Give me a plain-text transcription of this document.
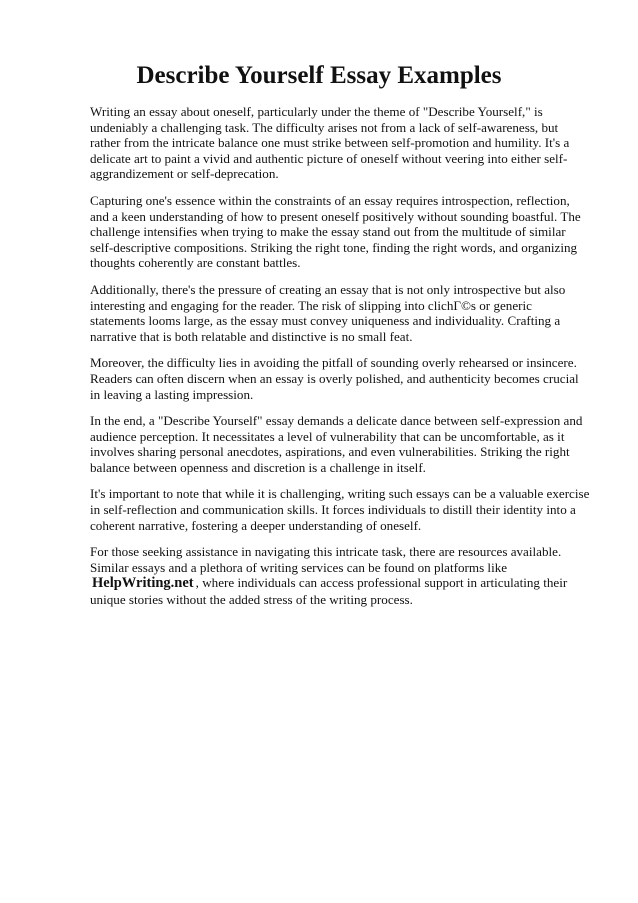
Describe Yourself Essay Examples

Writing an essay about oneself, particularly under the theme of "Describe Yourself," is undeniably a challenging task. The difficulty arises not from a lack of self-awareness, but rather from the intricate balance one must strike between self-promotion and humility. It's a delicate art to paint a vivid and authentic picture of oneself without veering into either self-aggrandizement or self-deprecation.

Capturing one's essence within the constraints of an essay requires introspection, reflection, and a keen understanding of how to present oneself positively without sounding boastful. The challenge intensifies when trying to make the essay stand out from the multitude of similar self-descriptive compositions. Striking the right tone, finding the right words, and organizing thoughts coherently are constant battles.

Additionally, there's the pressure of creating an essay that is not only introspective but also interesting and engaging for the reader. The risk of slipping into clichГ©s or generic statements looms large, as the essay must convey uniqueness and individuality. Crafting a narrative that is both relatable and distinctive is no small feat.

Moreover, the difficulty lies in avoiding the pitfall of sounding overly rehearsed or insincere. Readers can often discern when an essay is overly polished, and authenticity becomes crucial in leaving a lasting impression.

In the end, a "Describe Yourself" essay demands a delicate dance between self-expression and audience perception. It necessitates a level of vulnerability that can be uncomfortable, as it involves sharing personal anecdotes, aspirations, and even vulnerabilities. Striking the right balance between openness and discretion is a challenge in itself.

It's important to note that while it is challenging, writing such essays can be a valuable exercise in self-reflection and communication skills. It forces individuals to distill their identity into a coherent narrative, fostering a deeper understanding of oneself.

For those seeking assistance in navigating this intricate task, there are resources available. Similar essays and a plethora of writing services can be found on platforms like HelpWriting.net , where individuals can access professional support in articulating their unique stories without the added stress of the writing process.
